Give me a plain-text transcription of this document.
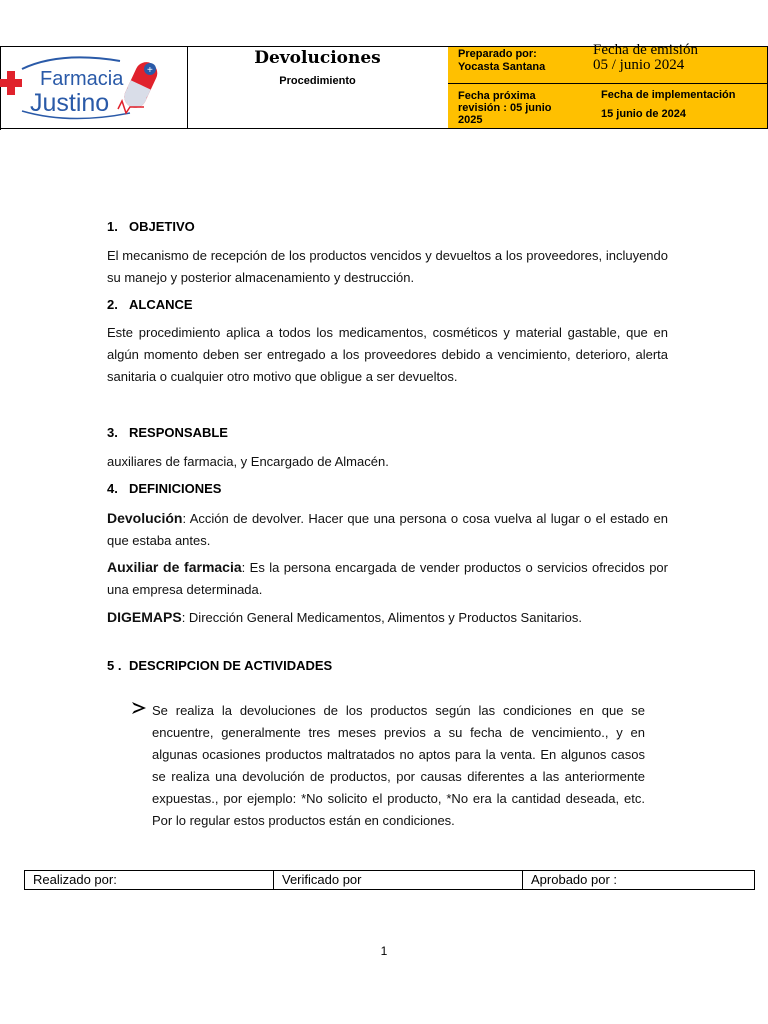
Farmacia
Justino
+
Devoluciones
Procedimiento
Preparado por:
Yocasta Santana
Fecha de emisión
05 / junio 2024
Fecha próxima revisión : 05 junio 2025
Fecha de implementación
15 junio de 2024
1. OBJETIVO
El mecanismo de recepción de los productos vencidos y devueltos a los proveedores, incluyendo su manejo y posterior almacenamiento y destrucción.
2. ALCANCE
Este procedimiento aplica a todos los medicamentos, cosméticos y material gastable, que en algún momento deben ser entregado a los proveedores debido a vencimiento, deterioro, alerta sanitaria o cualquier otro motivo que obligue a ser devueltos.
3. RESPONSABLE
auxiliares de farmacia, y Encargado de Almacén.
4. DEFINICIONES
Devolución: Acción de devolver. Hacer que una persona o cosa vuelva al lugar o el estado en que estaba antes.
Auxiliar de farmacia: Es la persona encargada de vender productos o servicios ofrecidos por una empresa determinada.
DIGEMAPS: Dirección General Medicamentos, Alimentos y Productos Sanitarios.
5 . DESCRIPCION DE ACTIVIDADES
Se realiza la devoluciones de los productos según las condiciones en que se encuentre, generalmente tres meses previos a su fecha de vencimiento., y en algunas ocasiones productos maltratados no aptos para la venta. En algunos casos se realiza una devolución de productos, por causas diferentes a las anteriormente expuestas., por ejemplo: *No solicito el producto, *No era la cantidad deseada, etc. Por lo regular estos productos están en condiciones.
Realizado por:	Verificado por	Aprobado por :
1
